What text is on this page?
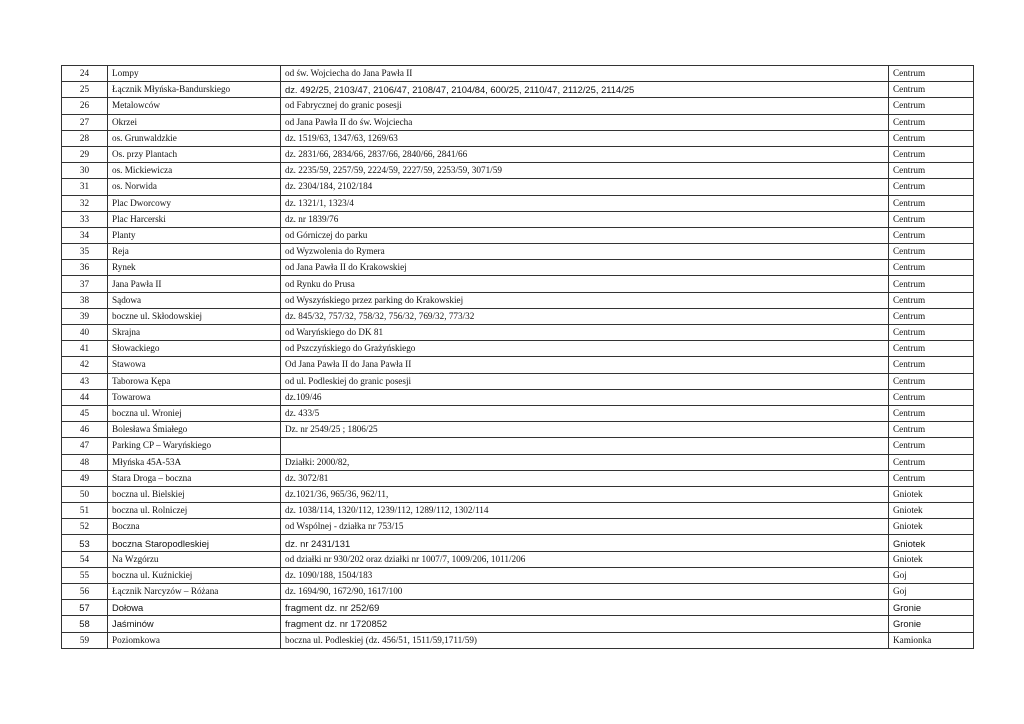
24	Lompy	od św. Wojciecha do Jana Pawła II	Centrum
25	Łącznik Młyńska-Bandurskiego	dz. 492/25, 2103/47, 2106/47, 2108/47, 2104/84, 600/25, 2110/47, 2112/25, 2114/25	Centrum
26	Metalowców	od Fabrycznej do granic posesji	Centrum
27	Okrzei	od Jana Pawła II do św. Wojciecha	Centrum
28	os. Grunwaldzkie	dz. 1519/63, 1347/63, 1269/63	Centrum
29	Os. przy Plantach	dz. 2831/66, 2834/66, 2837/66, 2840/66, 2841/66	Centrum
30	os. Mickiewicza	dz. 2235/59, 2257/59, 2224/59, 2227/59, 2253/59, 3071/59	Centrum
31	os. Norwida	dz. 2304/184, 2102/184	Centrum
32	Plac Dworcowy	dz. 1321/1, 1323/4	Centrum
33	Plac Harcerski	dz. nr 1839/76	Centrum
34	Planty	od Górniczej do parku	Centrum
35	Reja	od Wyzwolenia do Rymera	Centrum
36	Rynek	od Jana Pawła II do Krakowskiej	Centrum
37	Jana Pawła II	od Rynku do Prusa	Centrum
38	Sądowa	od Wyszyńskiego przez parking do Krakowskiej	Centrum
39	boczne ul. Skłodowskiej	dz. 845/32, 757/32, 758/32, 756/32, 769/32, 773/32	Centrum
40	Skrajna	od Waryńskiego do DK 81	Centrum
41	Słowackiego	od Pszczyńskiego do Grażyńskiego	Centrum
42	Stawowa	Od Jana Pawła II do Jana Pawła II	Centrum
43	Taborowa Kępa	od ul. Podleskiej do granic posesji	Centrum
44	Towarowa	dz.109/46	Centrum
45	boczna ul. Wroniej	dz. 433/5	Centrum
46	Bolesława Śmiałego	Dz. nr 2549/25 ; 1806/25	Centrum
47	Parking CP – Waryńskiego		Centrum
48	Młyńska 45A-53A	Działki: 2000/82,	Centrum
49	Stara Droga – boczna	dz. 3072/81	Centrum
50	boczna ul. Bielskiej	dz.1021/36, 965/36, 962/11,	Gniotek
51	boczna ul. Rolniczej	dz. 1038/114, 1320/112, 1239/112, 1289/112, 1302/114	Gniotek
52	Boczna	od Wspólnej - działka nr 753/15	Gniotek
53	boczna Staropodleskiej	dz. nr 2431/131	Gniotek
54	Na Wzgórzu	od działki nr 930/202 oraz działki nr 1007/7, 1009/206, 1011/206	Gniotek
55	boczna ul. Kuźnickiej	dz. 1090/188, 1504/183	Goj
56	Łącznik Narcyzów – Różana	dz. 1694/90, 1672/90, 1617/100	Goj
57	Dołowa	fragment dz. nr 252/69	Gronie
58	Jaśminów	fragment dz. nr 1720852	Gronie
59	Poziomkowa	boczna ul. Podleskiej (dz. 456/51, 1511/59,1711/59)	Kamionka
